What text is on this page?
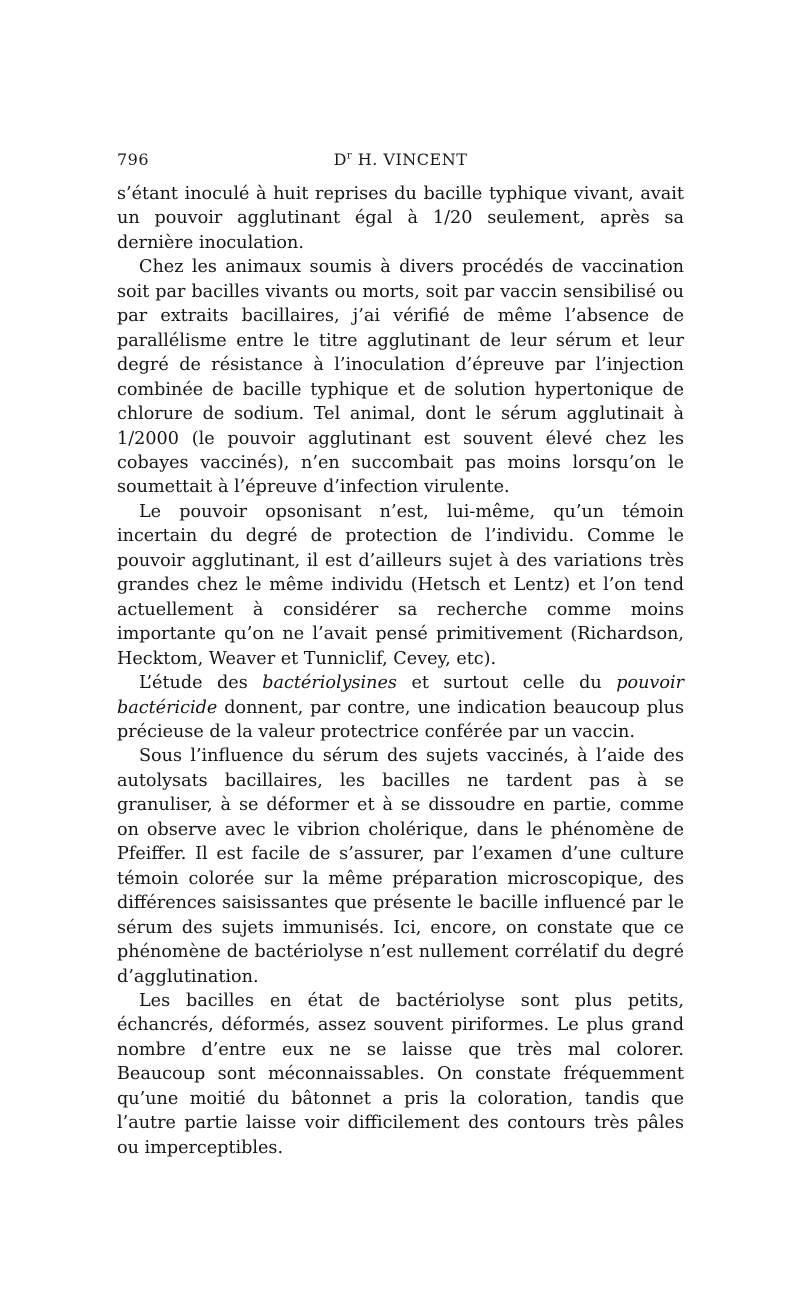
796	$D^r$ H. VINCENT

s’étant inoculé à huit reprises du bacille typhique vivant, avait un pouvoir agglutinant égal à 1/20 seulement, après sa dernière inoculation.

Chez les animaux soumis à divers procédés de vaccination soit par bacilles vivants ou morts, soit par vaccin sensibilisé ou par extraits bacillaires, j’ai vérifié de même l’absence de parallélisme entre le titre agglutinant de leur sérum et leur degré de résistance à l’inoculation d’épreuve par l’injection combinée de bacille typhique et de solution hypertonique de chlorure de sodium. Tel animal, dont le sérum agglutinait à 1/2000 (le pouvoir agglutinant est souvent élevé chez les cobayes vaccinés), n’en succombait pas moins lorsqu’on le soumettait à l’épreuve d’infection virulente.

Le pouvoir opsonisant n’est, lui-même, qu’un témoin incertain du degré de protection de l’individu. Comme le pouvoir agglutinant, il est d’ailleurs sujet à des variations très grandes chez le même individu (Hetsch et Lentz) et l’on tend actuellement à considérer sa recherche comme moins importante qu’on ne l’avait pensé primitivement (Richardson, Hecktom, Weaver et Tunniclif, Cevey, etc).

L’étude des bactériolysines et surtout celle du pouvoir bactéricide donnent, par contre, une indication beaucoup plus précieuse de la valeur protectrice conférée par un vaccin.

Sous l’influence du sérum des sujets vaccinés, à l’aide des autolysats bacillaires, les bacilles ne tardent pas à se granuliser, à se déformer et à se dissoudre en partie, comme on observe avec le vibrion cholérique, dans le phénomène de Pfeiffer. Il est facile de s’assurer, par l’examen d’une culture témoin colorée sur la même préparation microscopique, des différences saisissantes que présente le bacille influencé par le sérum des sujets immunisés. Ici, encore, on constate que ce phénomène de bactériolyse n’est nullement corrélatif du degré d’agglutination.

Les bacilles en état de bactériolyse sont plus petits, échancrés, déformés, assez souvent piriformes. Le plus grand nombre d’entre eux ne se laisse que très mal colorer. Beaucoup sont méconnaissables. On constate fréquemment qu’une moitié du bâtonnet a pris la coloration, tandis que l’autre partie laisse voir difficilement des contours très pâles ou imperceptibles.
